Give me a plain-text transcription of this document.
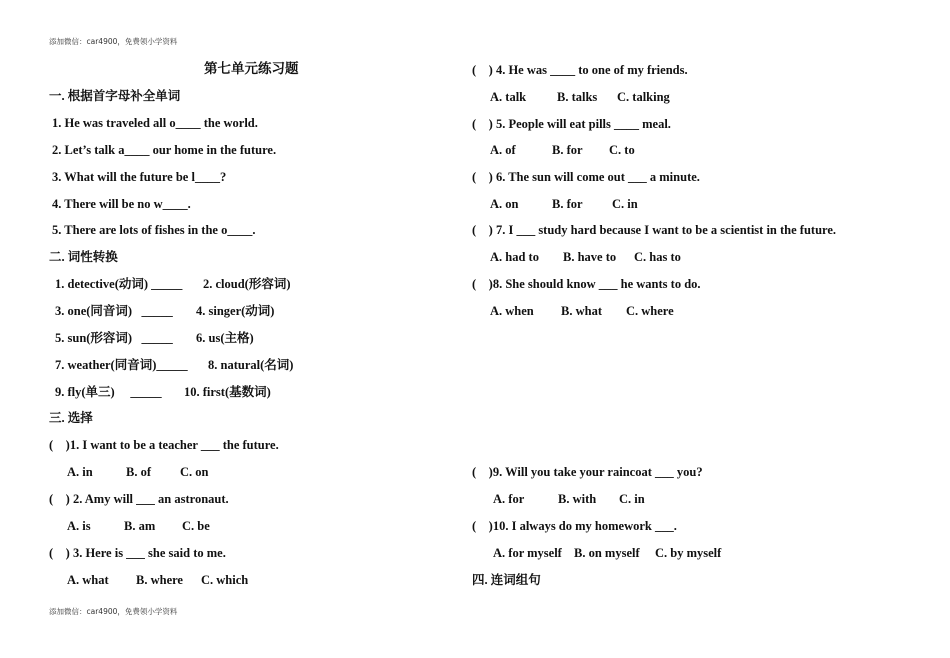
添加微信：car4900，免费领小学资料
第七单元练习题
一. 根据首字母补全单词
1. He was traveled all o____ the world.
2. Let’s talk a____ our home in the future.
3. What will the future be l____?
4. There will be no w____.
5. There are lots of fishes in the o____.
二. 词性转换
1. detective(动词) _____ 2. cloud(形容词)
3. one(同音词)   _____ 4. singer(动词)
5. sun(形容词)   _____ 6. us(主格)
7. weather(同音词)_____ 8. natural(名词)
9. fly(单三)     _____ 10. first(基数词)
三. 选择
(    )1. I want to be a teacher ___ the future.
A. in	B. of C. on
(    ) 2. Amy will ___ an astronaut.
A. is	B. am C. be
(    ) 3. Here is ___ she said to me.
A. what B. where C. which
(    ) 4. He was ____ to one of my friends.
A. talk B. talks C. talking
(    ) 5. People will eat pills ____ meal.
A. of	B. for C. to
(    ) 6. The sun will come out ___ a minute.
A. on	B. for C. in
(    ) 7. I ___ study hard because I want to be a scientist in the future.
A. had to B. have to C. has to
(    )8. She should know ___ he wants to do.
A. when B. what C. where
(    )9. Will you take your raincoat ___ you?
A. for	B. with C. in
(    )10. I always do my homework ___.
A. for myself B. on myself C. by myself
四. 连词组句
添加微信：car4900，免费领小学资料
